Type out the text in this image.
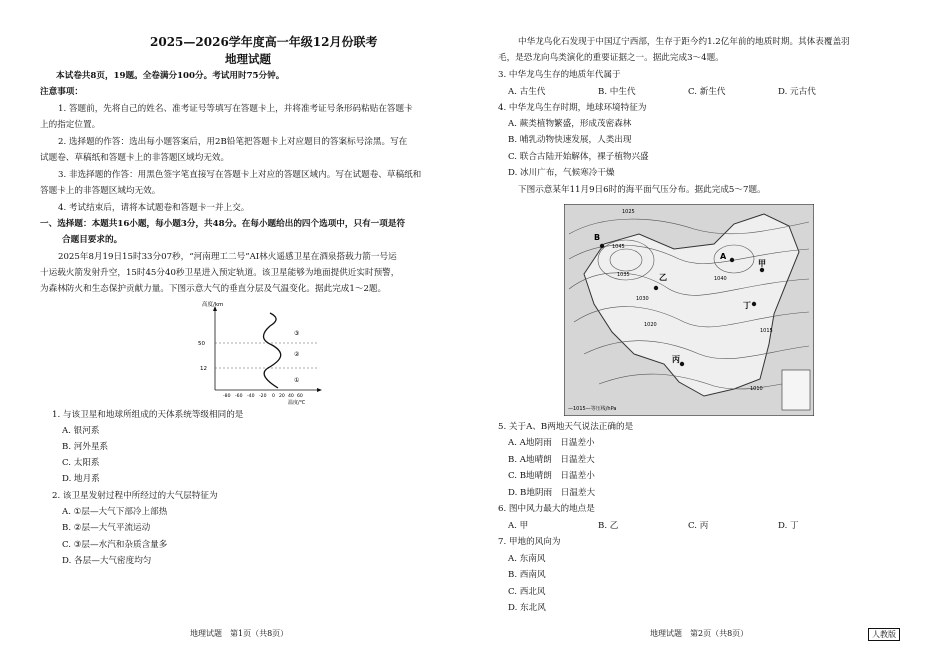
2025—2026学年度高一年级12月份联考
地理试题
本试卷共8页，19题。全卷满分100分。考试用时75分钟。
注意事项：
1. 答题前，先将自己的姓名、准考证号等填写在答题卡上，并将准考证号条形码粘贴在答题卡
上的指定位置。
2. 选择题的作答：选出每小题答案后，用2B铅笔把答题卡上对应题目的答案标号涂黑。写在
试题卷、草稿纸和答题卡上的非答题区域均无效。
3. 非选择题的作答：用黑色签字笔直接写在答题卡上对应的答题区域内。写在试题卷、草稿纸和
答题卡上的非答题区域均无效。
4. 考试结束后，请将本试题卷和答题卡一并上交。
一、选择题：本题共16小题，每小题3分，共48分。在每小题给出的四个选项中，只有一项是符
合题目要求的。
2025年8月19日15时33分07秒，“河南理工二号”AI林火遥感卫星在酒泉搭载力箭一号运
十运载火箭发射升空，15时45分40秒卫星进入预定轨道。该卫星能够为地面提供近实时预警，
为森林防火和生态保护贡献力量。下图示意大气的垂直分层及气温变化。据此完成1～2题。
高度/km
温度/℃
50
12
③
②
①
-80 -60 -40 -20 0 20 40 60
1. 与该卫星和地球所组成的天体系统等级相同的是
A. 银河系
B. 河外星系
C. 太阳系
D. 地月系
2. 该卫星发射过程中所经过的大气层特征为
A. ①层—大气下部冷上部热
B. ②层—大气平流运动
C. ③层—水汽和杂质含量多
D. 各层—大气密度均匀
中华龙鸟化石发现于中国辽宁西部，生存于距今约1.2亿年前的地质时期。其体表覆盖羽
毛，是恐龙向鸟类演化的重要证据之一。据此完成3～4题。
3. 中华龙鸟生存的地质年代属于
A. 古生代	B. 中生代	C. 新生代	D. 元古代
4. 中华龙鸟生存时期，地球环境特征为
A. 蕨类植物繁盛，形成茂密森林
B. 哺乳动物快速发展，人类出现
C. 联合古陆开始解体，裸子植物兴盛
D. 冰川广布，气候寒冷干燥
下图示意某年11月9日6时的海平面气压分布。据此完成5～7题。
1025
1045
1035
1030
1020
1040
1015
1010
B
A
甲
乙
丙
丁
—1015—等压线/hPa
5. 关于A、B两地天气说法正确的是
A. A地阴雨　日温差小
B. A地晴朗　日温差大
C. B地晴朗　日温差小
D. B地阴雨　日温差大
6. 图中风力最大的地点是
A. 甲	B. 乙	C. 丙	D. 丁
7. 甲地的风向为
A. 东南风
B. 西南风
C. 西北风
D. 东北风
地理试题　第1页（共8页）	地理试题　第2页（共8页）	人教版
